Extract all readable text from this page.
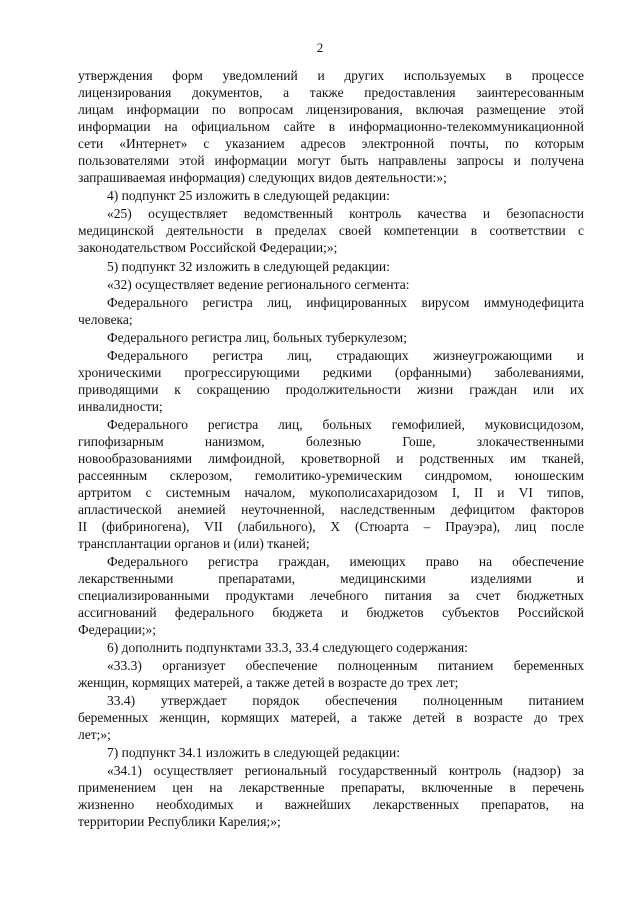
2
утверждения форм уведомлений и других используемых в процессе
лицензирования документов, а также предоставления заинтересованным
лицам информации по вопросам лицензирования, включая размещение этой
информации на официальном сайте в информационно-телекоммуникационной
сети «Интернет» с указанием адресов электронной почты, по которым
пользователями этой информации могут быть направлены запросы и получена
запрашиваемая информация) следующих видов деятельности:»;
4) подпункт 25 изложить в следующей редакции:
«25) осуществляет ведомственный контроль качества и безопасности
медицинской деятельности в пределах своей компетенции в соответствии с
законодательством Российской Федерации;»;
5) подпункт 32 изложить в следующей редакции:
«32) осуществляет ведение регионального сегмента:
Федерального регистра лиц, инфицированных вирусом иммунодефицита
человека;
Федерального регистра лиц, больных туберкулезом;
Федерального регистра лиц, страдающих жизнеугрожающими и
хроническими прогрессирующими редкими (орфанными) заболеваниями,
приводящими к сокращению продолжительности жизни граждан или их
инвалидности;
Федерального регистра лиц, больных гемофилией, муковисцидозом,
гипофизарным нанизмом, болезнью Гоше, злокачественными
новообразованиями лимфоидной, кроветворной и родственных им тканей,
рассеянным склерозом, гемолитико-уремическим синдромом, юношеским
артритом с системным началом, мукополисахаридозом I, II и VI типов,
апластической анемией неуточненной, наследственным дефицитом факторов
II (фибриногена), VII (лабильного), X (Стюарта – Прауэра), лиц после
трансплантации органов и (или) тканей;
Федерального регистра граждан, имеющих право на обеспечение
лекарственными препаратами, медицинскими изделиями и
специализированными продуктами лечебного питания за счет бюджетных
ассигнований федерального бюджета и бюджетов субъектов Российской
Федерации;»;
6) дополнить подпунктами 33.3, 33.4 следующего содержания:
«33.3) организует обеспечение полноценным питанием беременных
женщин, кормящих матерей, а также детей в возрасте до трех лет;
33.4) утверждает порядок обеспечения полноценным питанием
беременных женщин, кормящих матерей, а также детей в возрасте до трех
лет;»;
7) подпункт 34.1 изложить в следующей редакции:
«34.1) осуществляет региональный государственный контроль (надзор) за
применением цен на лекарственные препараты, включенные в перечень
жизненно необходимых и важнейших лекарственных препаратов, на
территории Республики Карелия;»;
